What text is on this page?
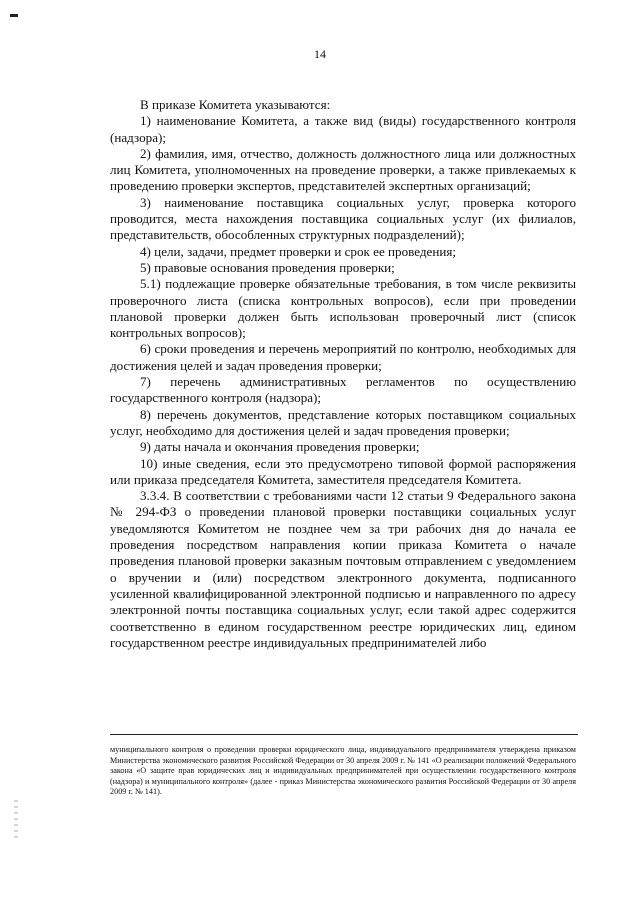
14

В приказе Комитета указываются:

1) наименование Комитета, а также вид (виды) государственного контроля (надзора);

2) фамилия, имя, отчество, должность должностного лица или должностных лиц Комитета, уполномоченных на проведение проверки, а также привлекаемых к проведению проверки экспертов, представителей экспертных организаций;

3) наименование поставщика социальных услуг, проверка которого проводится, места нахождения поставщика социальных услуг (их филиалов, представительств, обособленных структурных подразделений);

4) цели, задачи, предмет проверки и срок ее проведения;

5) правовые основания проведения проверки;

5.1) подлежащие проверке обязательные требования, в том числе реквизиты проверочного листа (списка контрольных вопросов), если при проведении плановой проверки должен быть использован проверочный лист (список контрольных вопросов);

6) сроки проведения и перечень мероприятий по контролю, необходимых для достижения целей и задач проведения проверки;

7) перечень административных регламентов по осуществлению государственного контроля (надзора);

8) перечень документов, представление которых поставщиком социальных услуг, необходимо для достижения целей и задач проведения проверки;

9) даты начала и окончания проведения проверки;

10) иные сведения, если это предусмотрено типовой формой распоряжения или приказа председателя Комитета, заместителя председателя Комитета.

3.3.4. В соответствии с требованиями части 12 статьи 9 Федерального закона № 294-ФЗ о проведении плановой проверки поставщики социальных услуг уведомляются Комитетом не позднее чем за три рабочих дня до начала ее проведения посредством направления копии приказа Комитета о начале проведения плановой проверки заказным почтовым отправлением с уведомлением о вручении и (или) посредством электронного документа, подписанного усиленной квалифицированной электронной подписью и направленного по адресу электронной почты поставщика социальных услуг, если такой адрес содержится соответственно в едином государственном реестре юридических лиц, едином государственном реестре индивидуальных предпринимателей либо

муниципального контроля о проведении проверки юридического лица, индивидуального предпринимателя утверждена приказом Министерства экономического развития Российской Федерации от 30 апреля 2009 г. № 141 «О реализации положений Федерального закона «О защите прав юридических лиц и индивидуальных предпринимателей при осуществлении государственного контроля (надзора) и муниципального контроля» (далее - приказ Министерства экономического развития Российской Федерации от 30 апреля 2009 г. № 141).
